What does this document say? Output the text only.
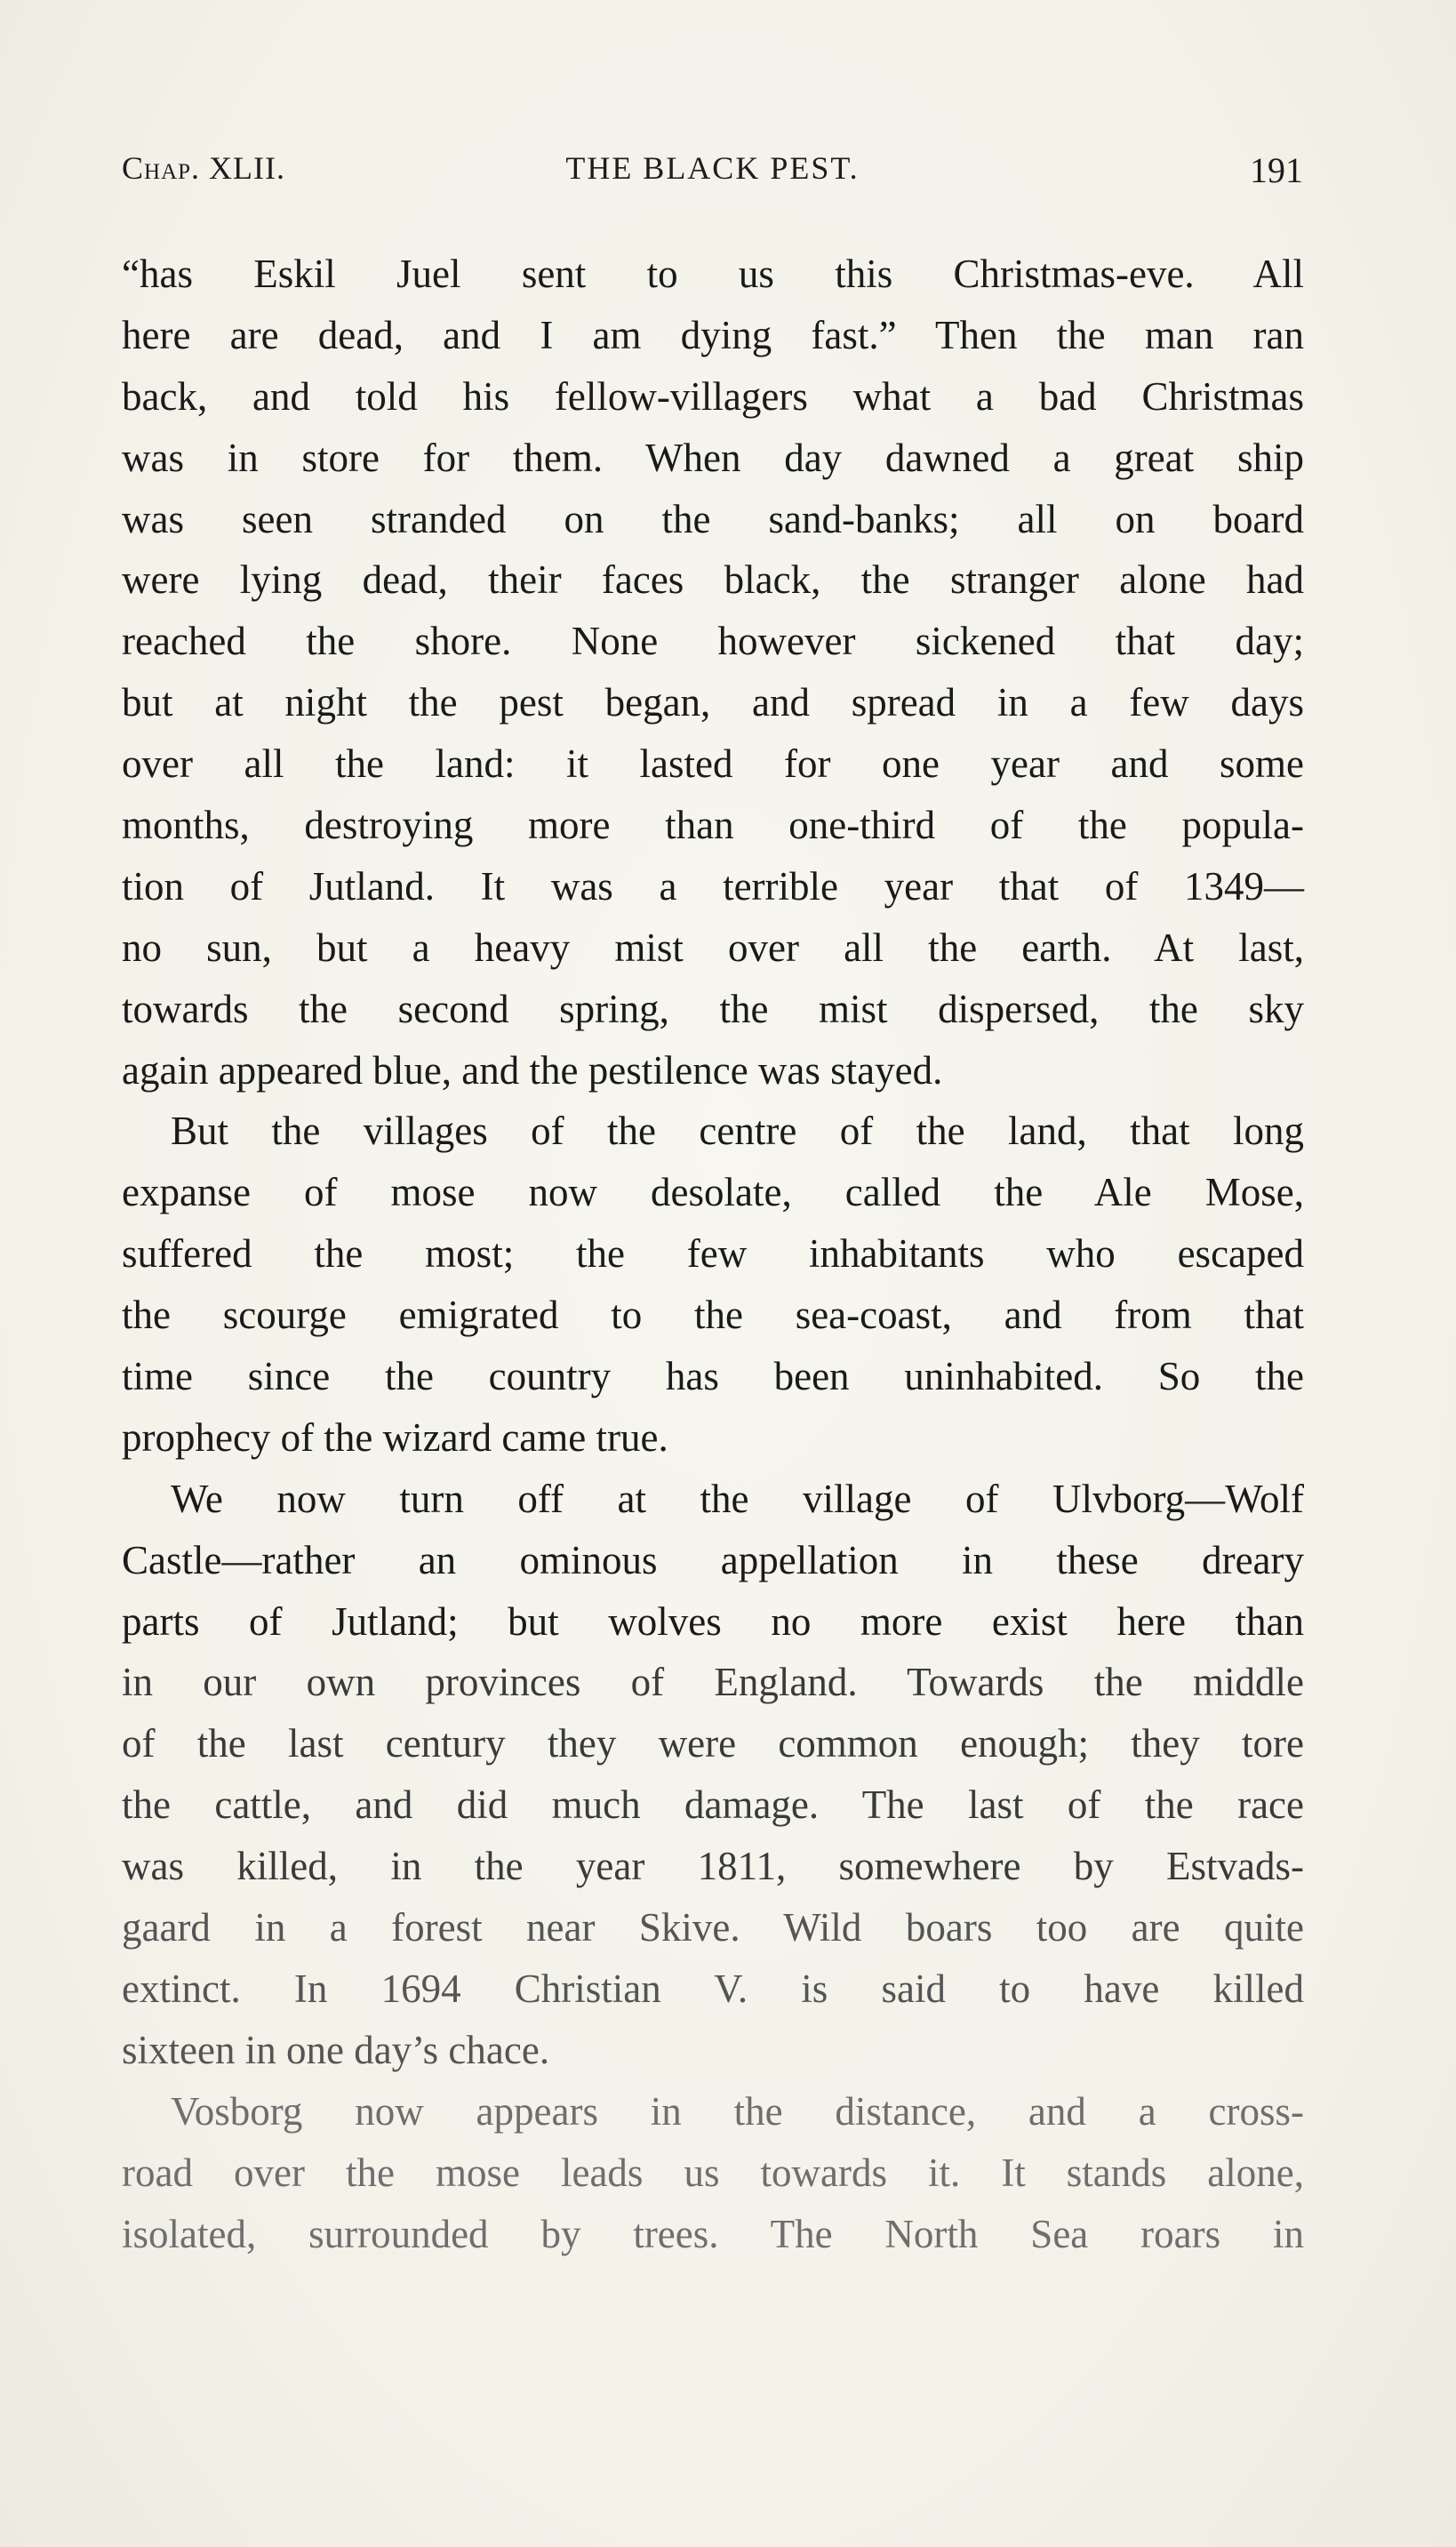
Chap. XLII.	THE BLACK PEST.	191
“has Eskil Juel sent to us this Christmas-eve. All
here are dead, and I am dying fast.” Then the man ran
back, and told his fellow-villagers what a bad Christmas
was in store for them. When day dawned a great ship
was seen stranded on the sand-banks; all on board
were lying dead, their faces black, the stranger alone had
reached the shore. None however sickened that day;
but at night the pest began, and spread in a few days
over all the land: it lasted for one year and some
months, destroying more than one-third of the popula-
tion of Jutland. It was a terrible year that of 1349—
no sun, but a heavy mist over all the earth. At last,
towards the second spring, the mist dispersed, the sky
again appeared blue, and the pestilence was stayed.
But the villages of the centre of the land, that long
expanse of mose now desolate, called the Ale Mose,
suffered the most; the few inhabitants who escaped
the scourge emigrated to the sea-coast, and from that
time since the country has been uninhabited. So the
prophecy of the wizard came true.
We now turn off at the village of Ulvborg—Wolf
Castle—rather an ominous appellation in these dreary
parts of Jutland; but wolves no more exist here than
in our own provinces of England. Towards the middle
of the last century they were common enough; they tore
the cattle, and did much damage. The last of the race
was killed, in the year 1811, somewhere by Estvads-
gaard in a forest near Skive. Wild boars too are quite
extinct. In 1694 Christian V. is said to have killed
sixteen in one day’s chace.
Vosborg now appears in the distance, and a cross-
road over the mose leads us towards it. It stands alone,
isolated, surrounded by trees. The North Sea roars in
